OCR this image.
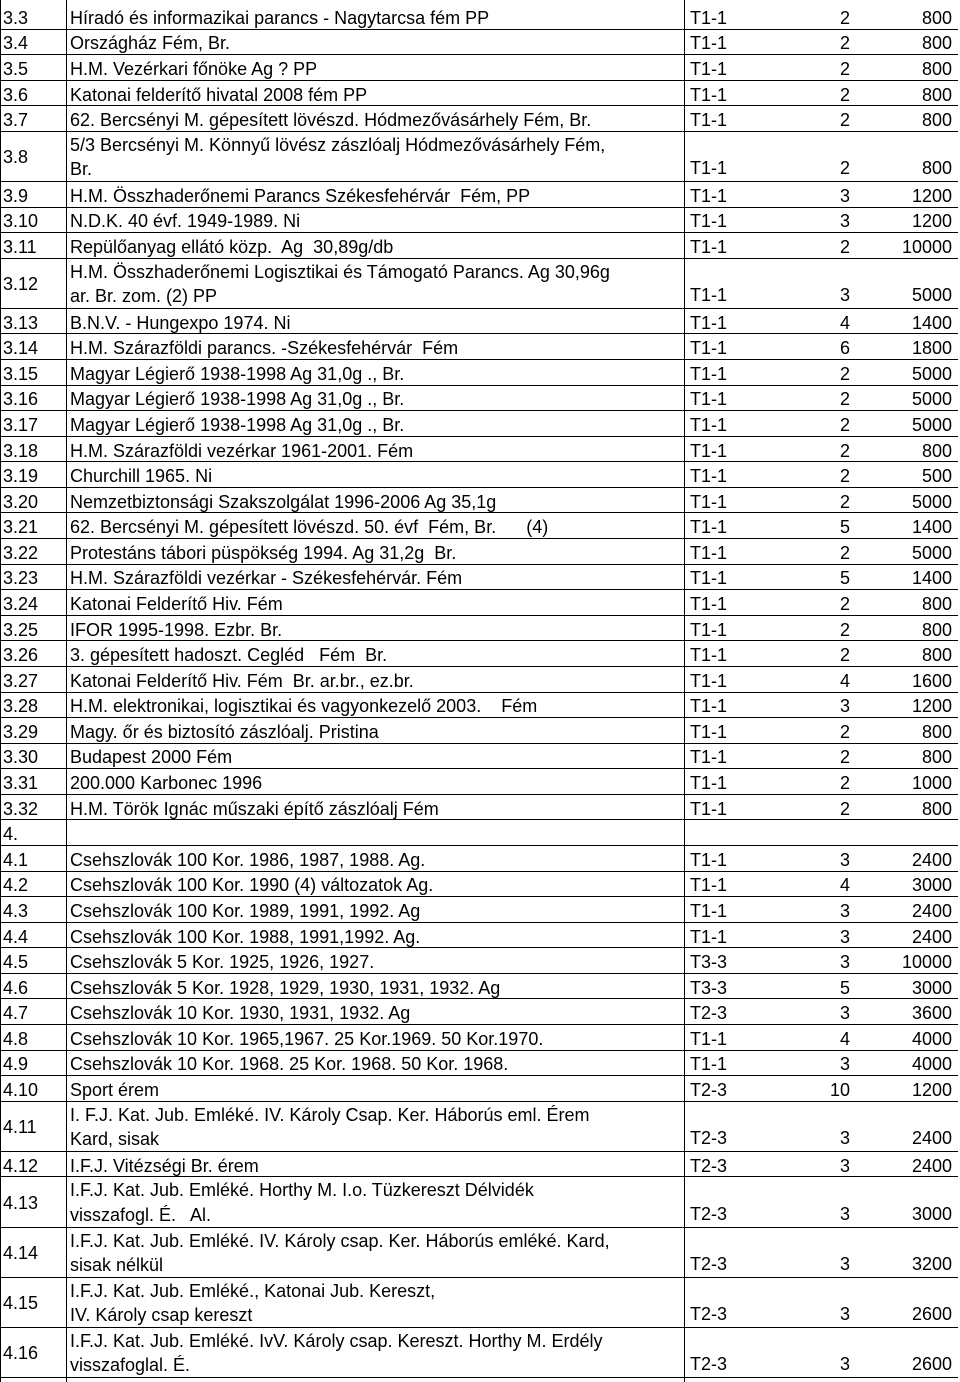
3.3 Híradó és informazikai parancs - Nagytarcsa fém PP	T1-1	2	800
3.4 Országház Fém, Br.	T1-1	2	800
3.5 H.M. Vezérkari főnöke Ag ? PP	T1-1	2	800
3.6 Katonai felderítő hivatal 2008 fém PP	T1-1	2	800
3.7 62. Bercsényi M. gépesített lövészd. Hódmezővásárhely Fém, Br.	T1-1	2	800
3.8
5/3 Bercsényi M. Könnyű lövész zászlóalj Hódmezővásárhely Fém,
Br.	T1-1	2	800
3.9 H.M. Összhaderőnemi Parancs Székesfehérvár  Fém, PP	T1-1	3	1200
3.10 N.D.K. 40 évf. 1949-1989. Ni	T1-1	3	1200
3.11 Repülőanyag ellátó közp.  Ag  30,89g/db	T1-1	2	10000
3.12
H.M. Összhaderőnemi Logisztikai és Támogató Parancs. Ag 30,96g
ar. Br. zom. (2) PP	T1-1	3	5000
3.13 B.N.V. - Hungexpo 1974. Ni	T1-1	4	1400
3.14 H.M. Szárazföldi parancs. -Székesfehérvár  Fém	T1-1	6	1800
3.15 Magyar Légierő 1938-1998 Ag 31,0g ., Br.	T1-1	2	5000
3.16 Magyar Légierő 1938-1998 Ag 31,0g ., Br.	T1-1	2	5000
3.17 Magyar Légierő 1938-1998 Ag 31,0g ., Br.	T1-1	2	5000
3.18 H.M. Szárazföldi vezérkar 1961-2001. Fém	T1-1	2	800
3.19 Churchill 1965. Ni	T1-1	2	500
3.20 Nemzetbiztonsági Szakszolgálat 1996-2006 Ag 35,1g	T1-1	2	5000
3.21 62. Bercsényi M. gépesített lövészd. 50. évf  Fém, Br.      (4)	T1-1	5	1400
3.22 Protestáns tábori püspökség 1994. Ag 31,2g  Br.	T1-1	2	5000
3.23 H.M. Szárazföldi vezérkar - Székesfehérvár. Fém	T1-1	5	1400
3.24 Katonai Felderítő Hiv. Fém	T1-1	2	800
3.25 IFOR 1995-1998. Ezbr. Br.	T1-1	2	800
3.26 3. gépesített hadoszt. Cegléd   Fém  Br.	T1-1	2	800
3.27 Katonai Felderítő Hiv. Fém  Br. ar.br., ez.br.	T1-1	4	1600
3.28 H.M. elektronikai, logisztikai és vagyonkezelő 2003.    Fém	T1-1	3	1200
3.29 Magy. őr és biztosító zászlóalj. Pristina	T1-1	2	800
3.30 Budapest 2000 Fém	T1-1	2	800
3.31 200.000 Karbonec 1996	T1-1	2	1000
3.32 H.M. Török Ignác műszaki építő zászlóalj Fém	T1-1	2	800
4.
4.1 Csehszlovák 100 Kor. 1986, 1987, 1988. Ag.	T1-1	3	2400
4.2 Csehszlovák 100 Kor. 1990 (4) változatok Ag.	T1-1	4	3000
4.3 Csehszlovák 100 Kor. 1989, 1991, 1992. Ag	T1-1	3	2400
4.4 Csehszlovák 100 Kor. 1988, 1991,1992. Ag.	T1-1	3	2400
4.5 Csehszlovák 5 Kor. 1925, 1926, 1927.	T3-3	3	10000
4.6 Csehszlovák 5 Kor. 1928, 1929, 1930, 1931, 1932. Ag	T3-3	5	3000
4.7 Csehszlovák 10 Kor. 1930, 1931, 1932. Ag	T2-3	3	3600
4.8 Csehszlovák 10 Kor. 1965,1967. 25 Kor.1969. 50 Kor.1970.	T1-1	4	4000
4.9 Csehszlovák 10 Kor. 1968. 25 Kor. 1968. 50 Kor. 1968.	T1-1	3	4000
4.10 Sport érem	T2-3	10	1200
4.11
I. F.J. Kat. Jub. Emléké. IV. Károly Csap. Ker. Háborús eml. Érem
Kard, sisak	T2-3	3	2400
4.12 I.F.J. Vitézségi Br. érem	T2-3	3	2400
4.13
I.F.J. Kat. Jub. Emléké. Horthy M. I.o. Tüzkereszt Délvidék
visszafogl. É.   Al.	T2-3	3	3000
4.14
I.F.J. Kat. Jub. Emléké. IV. Károly csap. Ker. Háborús emléké. Kard,
sisak nélkül	T2-3	3	3200
4.15
I.F.J. Kat. Jub. Emléké., Katonai Jub. Kereszt,
IV. Károly csap kereszt	T2-3	3	2600
4.16
I.F.J. Kat. Jub. Emléké. IvV. Károly csap. Kereszt. Horthy M. Erdély
visszafoglal. É.	T2-3	3	2600
